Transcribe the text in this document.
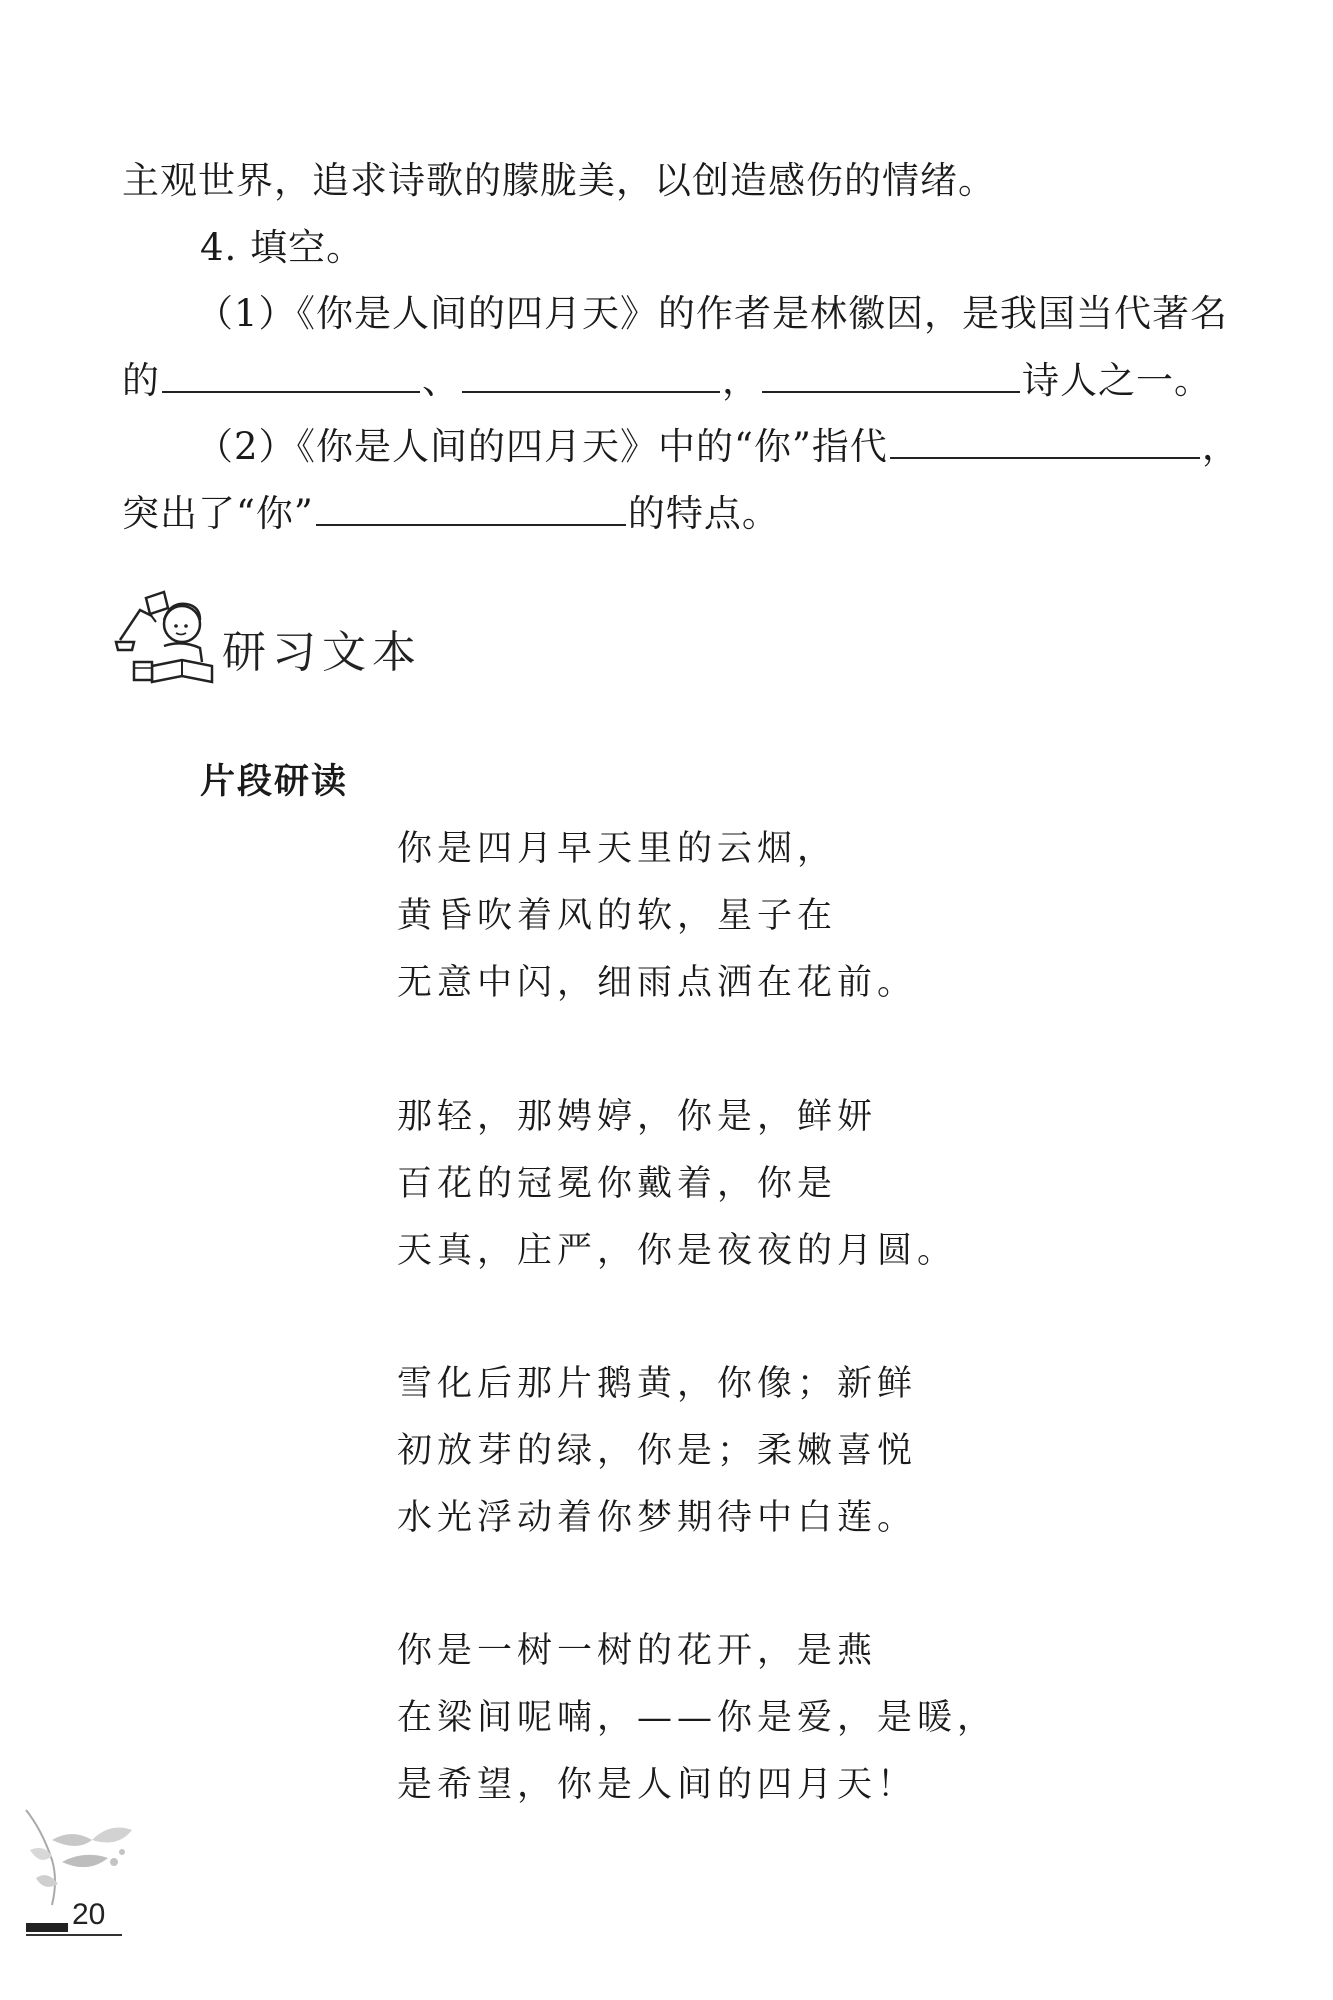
主观世界，追求诗歌的朦胧美，以创造感伤的情绪。
4. 填空。
（1）《你是人间的四月天》的作者是林徽因，是我国当代著名
的	、	，	诗人之一。
（2）《你是人间的四月天》中的“你”指代	，
突出了“你”	的特点。
研习文本
片段研读
你是四月早天里的云烟，
黄昏吹着风的软，星子在
无意中闪，细雨点洒在花前。
那轻，那娉婷，你是，鲜妍
百花的冠冕你戴着，你是
天真，庄严，你是夜夜的月圆。
雪化后那片鹅黄，你像；新鲜
初放芽的绿，你是；柔嫩喜悦
水光浮动着你梦期待中白莲。
你是一树一树的花开，是燕
在梁间呢喃，——你是爱，是暖，
是希望，你是人间的四月天！
20
